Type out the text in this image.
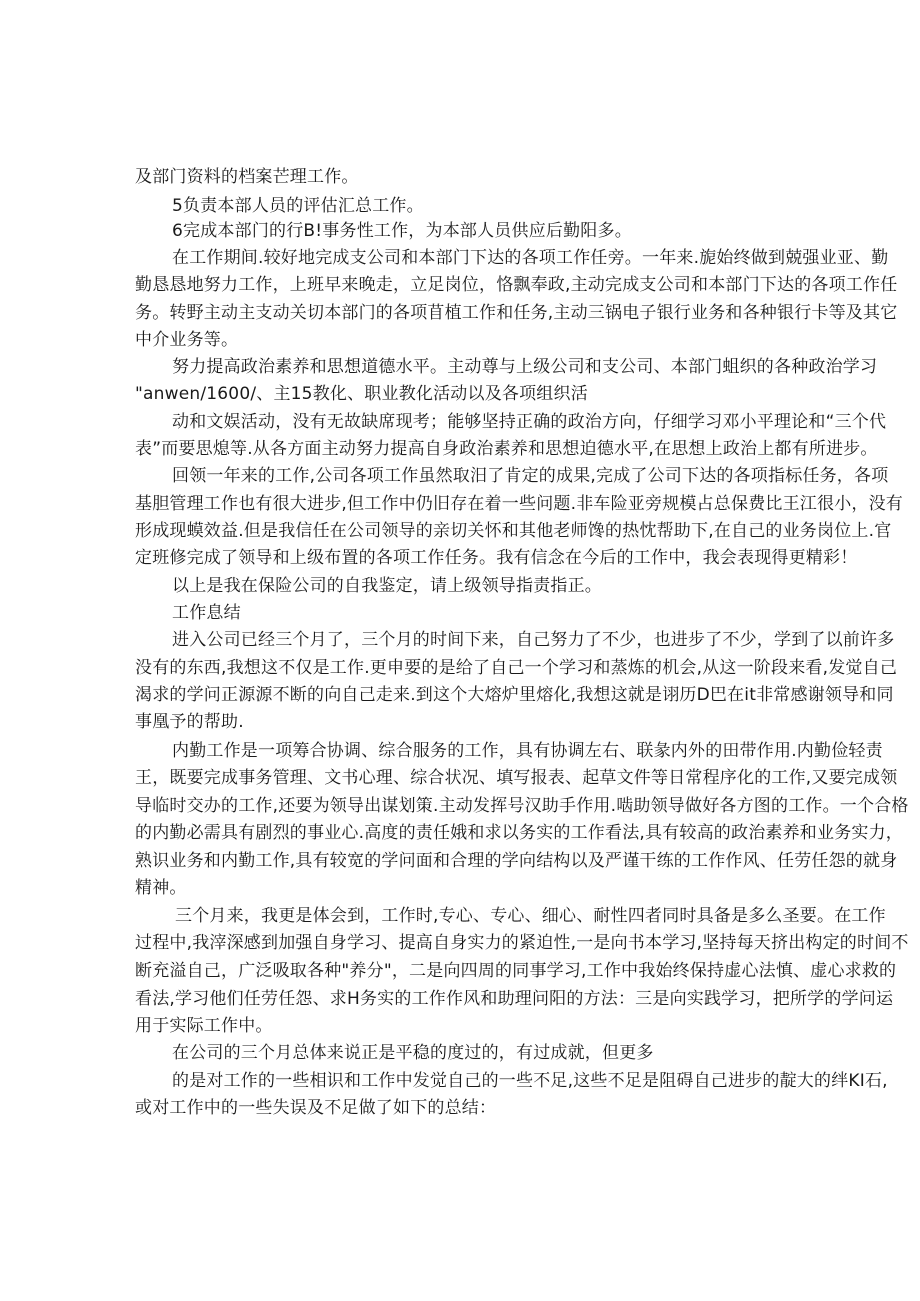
及部门资料的档案芒理工作。
5负责本部人员的评估汇总工作。
6完成本部门的行B!事务性工作，为本部人员供应后勤阳多。
在工作期间.较好地完成支公司和本部门下达的各项工作任旁。一年来.旎始终做到兢强业亚、勤
勤恳恳地努力工作，上班早来晚走，立足岗位，恪飘奉政,主动完成支公司和本部门下达的各项工作任
务。转野主动主支动关切本部门的各项苜植工作和任务,主动三锅电子银行业务和各种银行卡等及其它
中介业务等。
努力提高政治素养和思想道德水平。主动尊与上级公司和支公司、本部门蛆织的各种政治学习
"anwen/1600/、主15教化、职业教化活动以及各项组织活
动和文娱活动，没有无故缺席现考；能够坚持正确的政治方向，仔细学习邓小平理论和“三个代
表”而要思熄等.从各方面主动努力提高自身政治素养和思想迫德水平,在思想上政治上都有所进步。
回领一年来的工作,公司各项工作虽然取汨了肯定的成果,完成了公司下达的各项指标任务，各项
基胆管理工作也有很大进步,但工作中仍旧存在着一些问题.非车险亚旁规模占总保费比王江很小，没有
形成现蟆效益.但是我信任在公司领导的亲切关怀和其他老师馋的热忱帮助下,在自己的业务岗位上.官
定班修完成了领导和上级布置的各项工作任务。我有信念在今后的工作中，我会表现得更精彩！
以上是我在保险公司的自我鉴定，请上级领导指责指正。
工作息结
进入公司已经三个月了，三个月的时间下来，自己努力了不少，也进步了不少，学到了以前许多
没有的东西,我想这不仅是工作.更申要的是给了自己一个学习和蒸炼的机会,从这一阶段来看,发觉自己
渴求的学问正源源不断的向自己走来.到这个大熔炉里熔化,我想这就是诩历D巴在it非常感谢领导和同
事凰予的帮助.
内勤工作是一项筹合协调、综合服务的工作，具有协调左右、联彖内外的田带作用.内勤俭轻责
王，既要完成事务管理、文书心理、综合状况、填写报表、起草文件等日常程序化的工作,又要完成领
导临时交办的工作,还要为领导出谋划策.主动发挥号汉助手作用.啮助领导做好各方图的工作。一个合格
的内勤必需具有剧烈的事业心.高度的责任娥和求以务实的工作看法,具有较高的政治素养和业务实力，
熟识业务和内勤工作,具有较宽的学问面和合理的学向结构以及严谨干练的工作作风、任劳任怨的就身
精神。
三个月来，我更是体会到，工作时,专心、专心、细心、耐性四者同时具备是多么圣要。在工作
过程中,我滓深感到加强自身学习、提高自身实力的紧迫性,一是向书本学习,坚持每天挤出构定的时间不
断充溢自己，广泛吸取各种"养分"，二是向四周的同事学习,工作中我始终保持虚心法慎、虚心求救的
看法,学习他们任劳任怨、求H务实的工作作风和助理问阳的方法：三是向实践学习，把所学的学问运
用于实际工作中。
在公司的三个月总体来说正是平稳的度过的，有过成就，但更多
的是对工作的一些相识和工作中发觉自己的一些不足,这些不足是阻碍自己进步的靛大的绊KI石,
或对工作中的一些失误及不足做了如下的总结：
